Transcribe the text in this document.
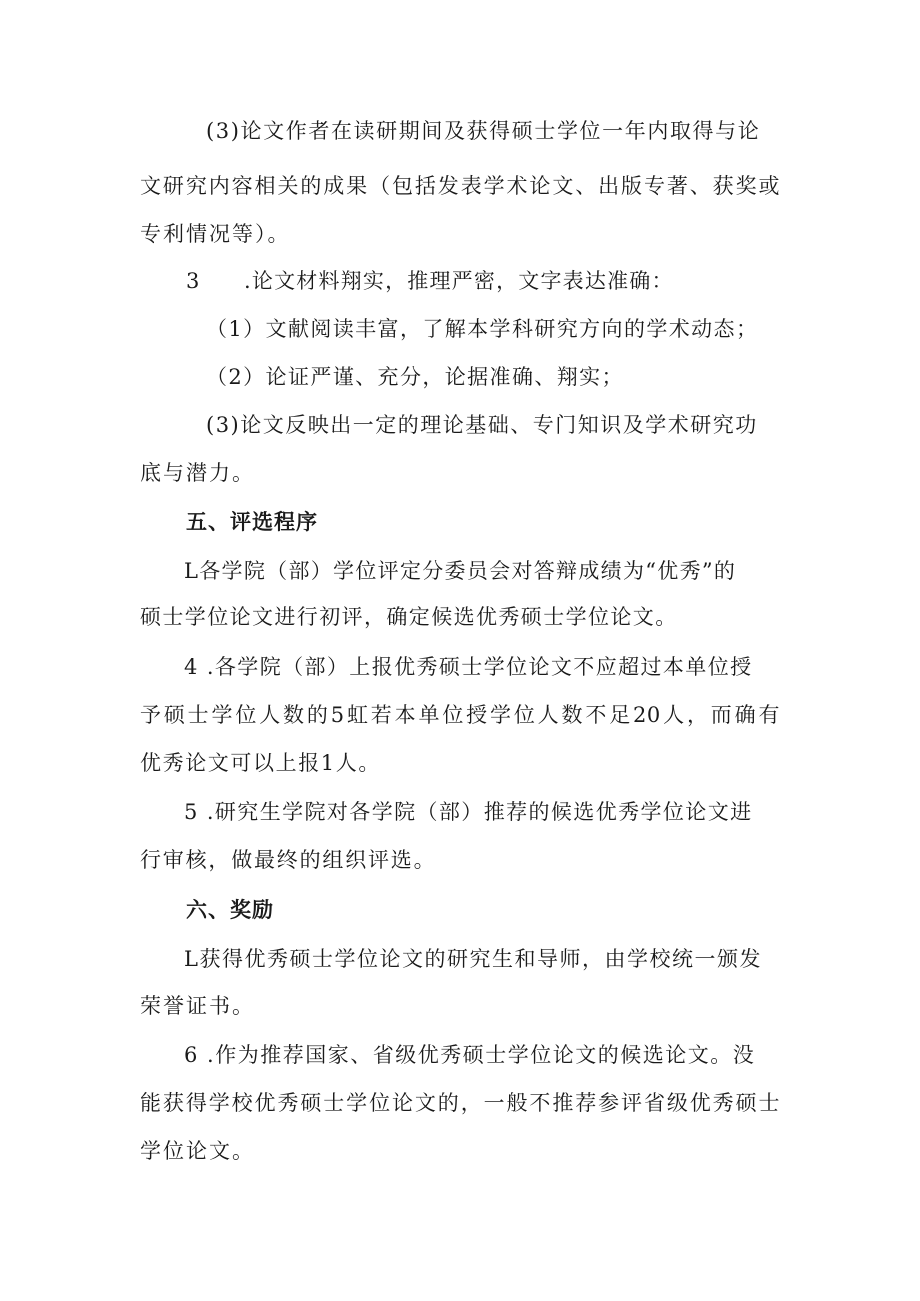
(3)论文作者在读研期间及获得硕士学位一年内取得与论
文研究内容相关的成果（包括发表学术论文、出版专著、获奖或
专利情况等）。
3 .论文材料翔实，推理严密，文字表达准确：
（1）文献阅读丰富，了解本学科研究方向的学术动态；
（2）论证严谨、充分，论据准确、翔实；
(3)论文反映出一定的理论基础、专门知识及学术研究功
底与潜力。
五、评选程序
L各学院（部）学位评定分委员会对答辩成绩为“优秀”的
硕士学位论文进行初评，确定候选优秀硕士学位论文。
4 .各学院（部）上报优秀硕士学位论文不应超过本单位授
予硕士学位人数的5虹若本单位授学位人数不足20人，而确有
优秀论文可以上报1人。
5 .研究生学院对各学院（部）推荐的候选优秀学位论文进
行审核，做最终的组织评选。
六、奖励
L获得优秀硕士学位论文的研究生和导师，由学校统一颁发
荣誉证书。
6 .作为推荐国家、省级优秀硕士学位论文的候选论文。没
能获得学校优秀硕士学位论文的，一般不推荐参评省级优秀硕士
学位论文。
